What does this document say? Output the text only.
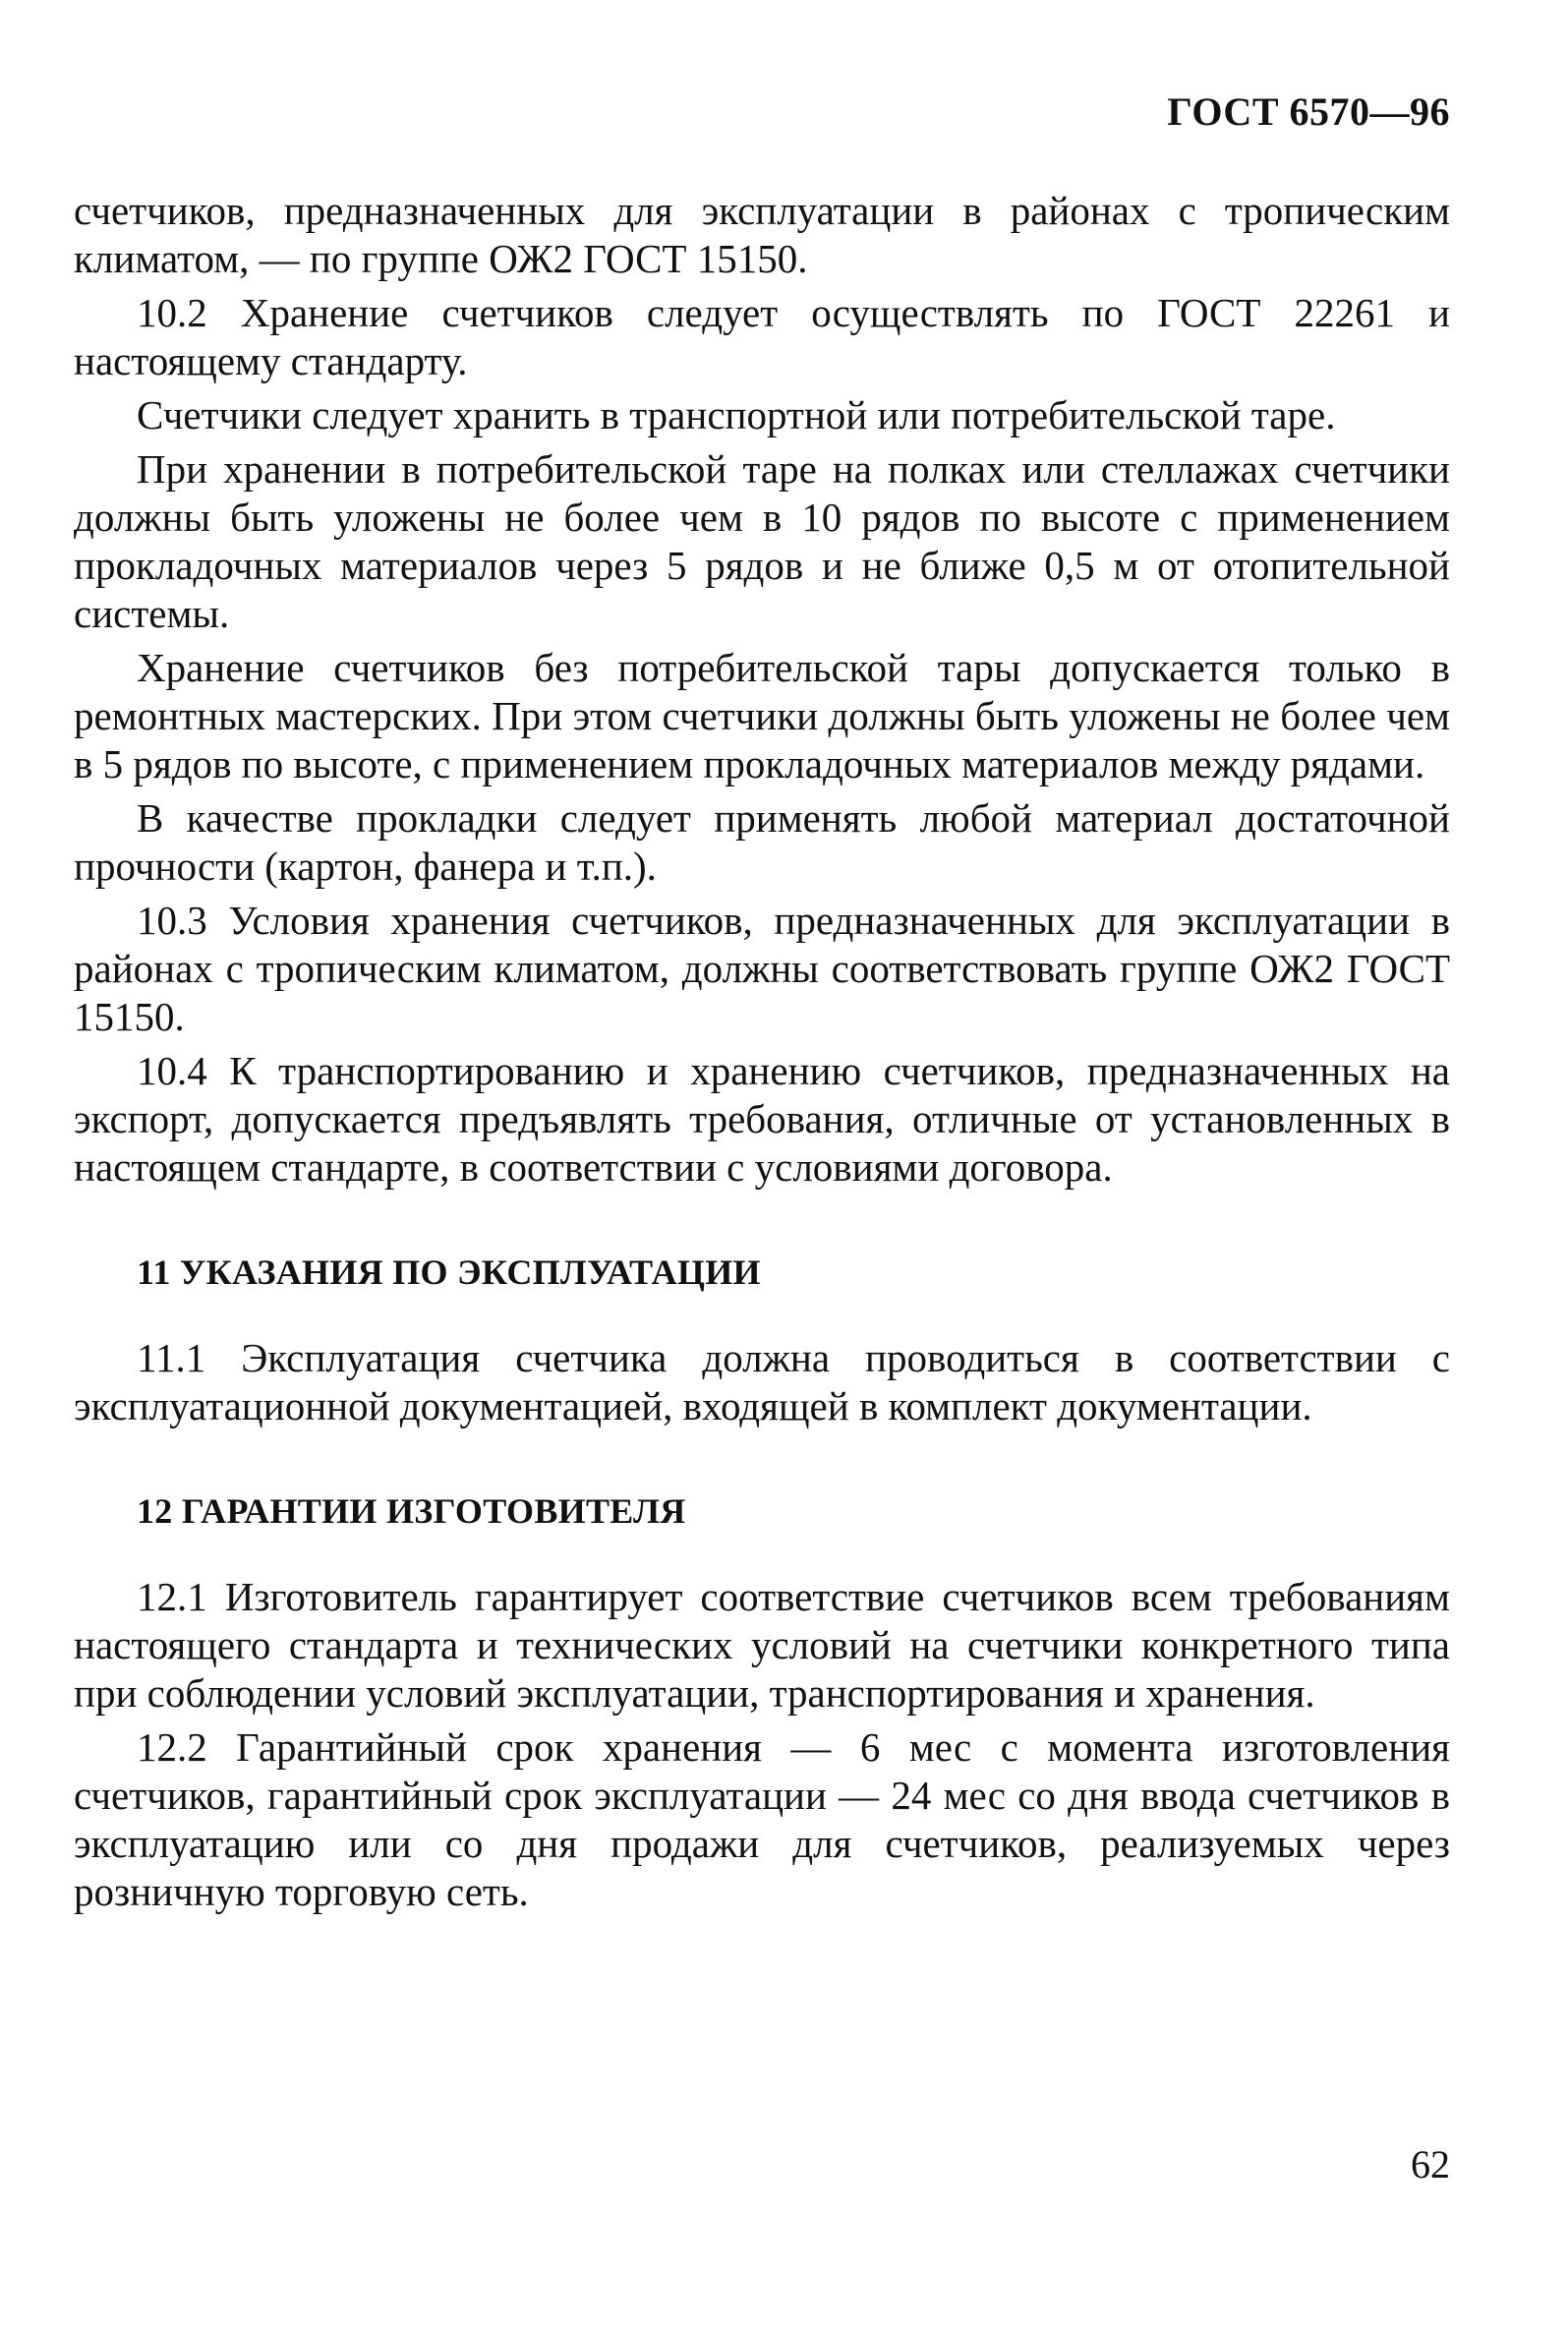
ГОСТ 6570—96

счетчиков, предназначенных для эксплуатации в районах с тропическим климатом, — по группе ОЖ2 ГОСТ 15150.

10.2 Хранение счетчиков следует осуществлять по ГОСТ 22261 и настоящему стандарту.

Счетчики следует хранить в транспортной или потребительской таре.

При хранении в потребительской таре на полках или стеллажах счетчики должны быть уложены не более чем в 10 рядов по высоте с применением прокладочных материалов через 5 рядов и не ближе 0,5 м от отопительной системы.

Хранение счетчиков без потребительской тары допускается только в ремонтных мастерских. При этом счетчики должны быть уложены не более чем в 5 рядов по высоте, с применением прокладочных материалов между рядами.

В качестве прокладки следует применять любой материал достаточной прочности (картон, фанера и т.п.).

10.3 Условия хранения счетчиков, предназначенных для эксплуатации в районах с тропическим климатом, должны соответствовать группе ОЖ2 ГОСТ 15150.

10.4 К транспортированию и хранению счетчиков, предназначенных на экспорт, допускается предъявлять требования, отличные от установленных в настоящем стандарте, в соответствии с условиями договора.

11 УКАЗАНИЯ ПО ЭКСПЛУАТАЦИИ

11.1 Эксплуатация счетчика должна проводиться в соответствии с эксплуатационной документацией, входящей в комплект документации.

12 ГАРАНТИИ ИЗГОТОВИТЕЛЯ

12.1 Изготовитель гарантирует соответствие счетчиков всем требованиям настоящего стандарта и технических условий на счетчики конкретного типа при соблюдении условий эксплуатации, транспортирования и хранения.

12.2 Гарантийный срок хранения — 6 мес с момента изготовления счетчиков, гарантийный срок эксплуатации — 24 мес со дня ввода счетчиков в эксплуатацию или со дня продажи для счетчиков, реализуемых через розничную торговую сеть.

62
